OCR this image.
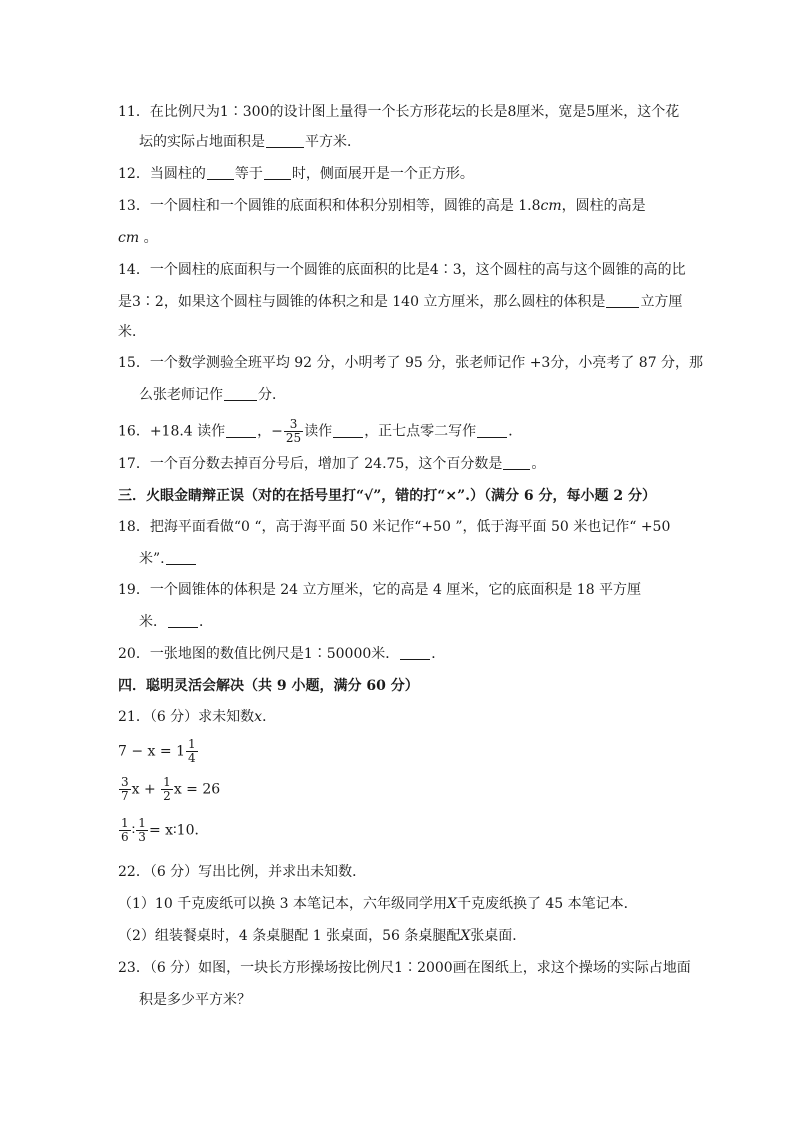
11．在比例尺为1∶300的设计图上量得一个长方形花坛的长是8厘米，宽是5厘米，这个花
坛的实际占地面积是	平方米．
12．当圆柱的 等于 时，侧面展开是一个正方形。
13．一个圆柱和一个圆锥的底面积和体积分别相等，圆锥的高是 1.8cm，圆柱的高是
cm 。
14．一个圆柱的底面积与一个圆锥的底面积的比是4∶3，这个圆柱的高与这个圆锥的高的比
是3∶2，如果这个圆柱与圆锥的体积之和是 140 立方厘米，那么圆柱的体积是	立方厘
米．
15．一个数学测验全班平均 92 分，小明考了 95 分，张老师记作 +3分，小亮考了 87 分，那
么张老师记作	分．
16．+18.4 读作 ，− $\frac{3}{25}$ 读作 ，正七点零二写作 ．
17．一个百分数去掉百分号后，增加了 24.75，这个百分数是 。
三．火眼金睛辩正误（对的在括号里打“√”，错的打“×”.）（满分 6 分，每小题 2 分）
18．把海平面看做“0 “，高于海平面 50 米记作“+50 ”，低于海平面 50 米也记作“ +50
米”.
19．一个圆锥体的体积是 24 立方厘米，它的高是 4 厘米，它的底面积是 18 平方厘
米． ．
20．一张地图的数值比例尺是1∶50000米． ．
四．聪明灵活会解决（共 9 小题，满分 60 分）
21．（6 分）求未知数x．
$7 - x = 1 \frac{1}{4}$
$\frac{3}{7}$ $x + \frac{1}{2}$ x = 26
$\frac{1}{6}$ ∶ $\frac{1}{3}$ = x∶10．
22．（6 分）写出比例，并求出未知数．
（1）10 千克废纸可以换 3 本笔记本，六年级同学用X千克废纸换了 45 本笔记本．
（2）组装餐桌时，4 条桌腿配 1 张桌面，56 条桌腿配X张桌面．
23．（6 分）如图，一块长方形操场按比例尺1∶2000画在图纸上，求这个操场的实际占地面
积是多少平方米？
